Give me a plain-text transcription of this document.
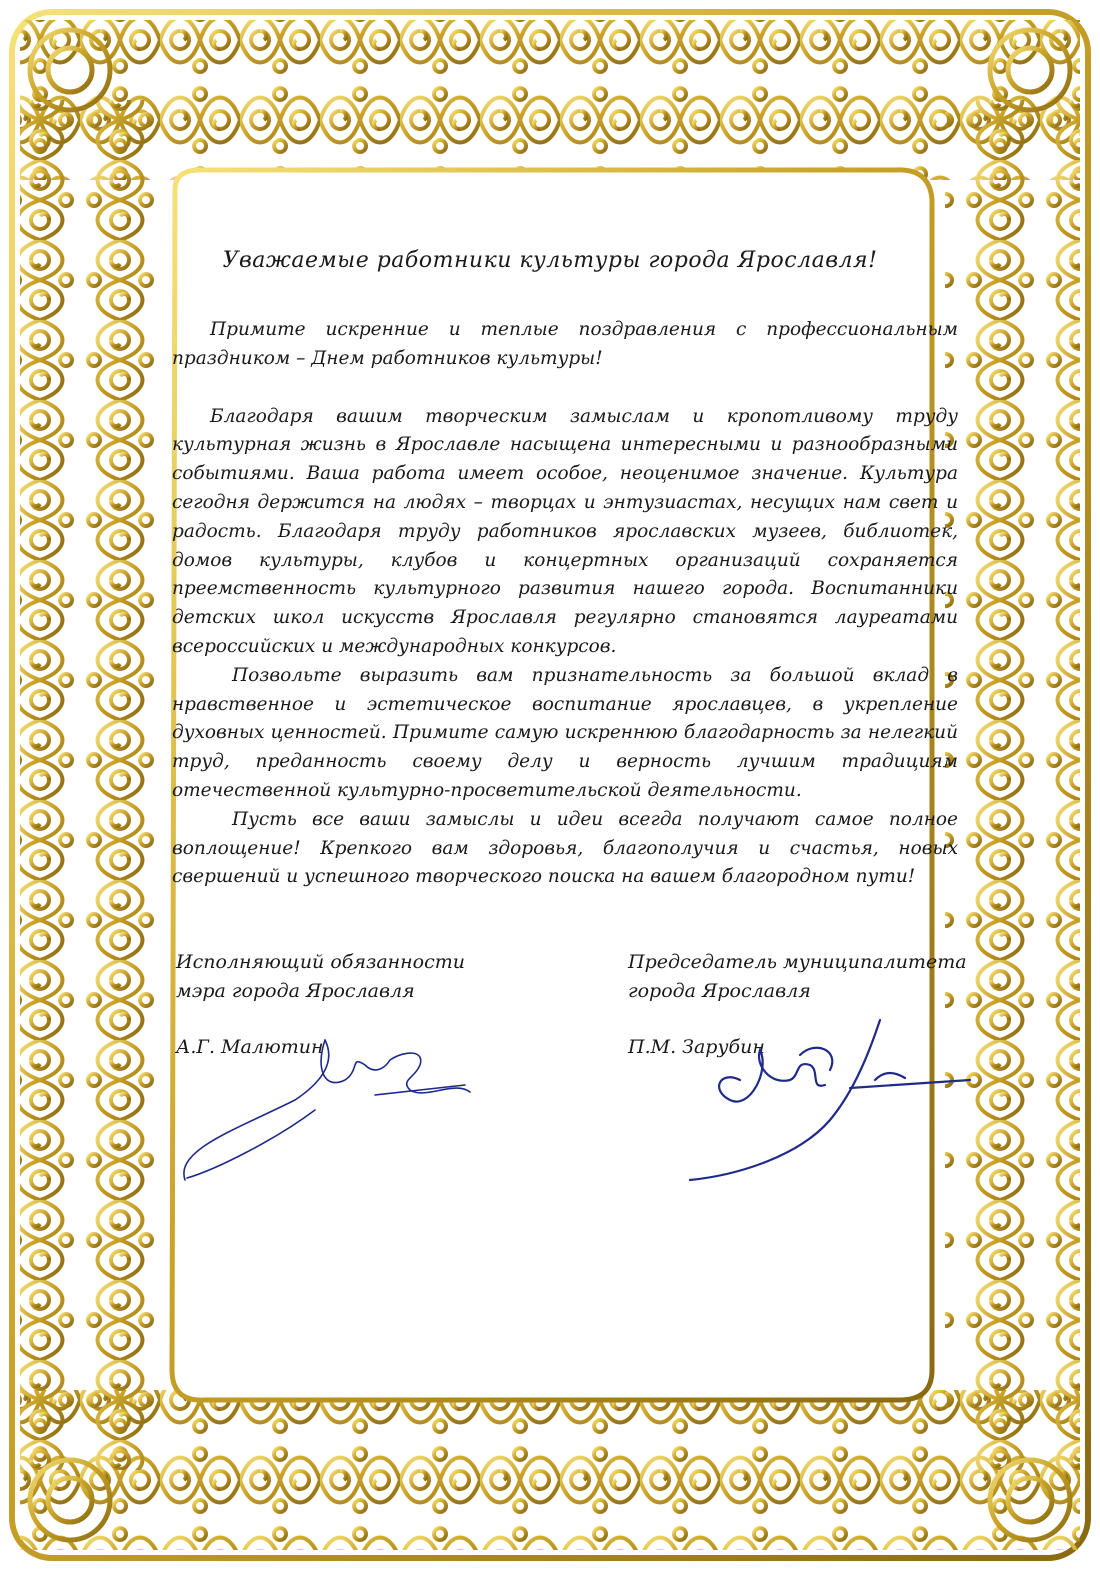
Уважаемые работники культуры города Ярославля!

Примите искренние и теплые поздравления с профессиональным праздником – Днем работников культуры!

Благодаря вашим творческим замыслам и кропотливому труду культурная жизнь в Ярославле насыщена интересными и разнообразными событиями. Ваша работа имеет особое, неоценимое значение. Культура сегодня держится на людях – творцах и энтузиастах, несущих нам свет и радость. Благодаря труду работников ярославских музеев, библиотек, домов культуры, клубов и концертных организаций сохраняется преемственность культурного развития нашего города. Воспитанники детских школ искусств Ярославля регулярно становятся лауреатами всероссийских и международных конкурсов.

Позвольте выразить вам признательность за большой вклад в нравственное и эстетическое воспитание ярославцев, в укрепление духовных ценностей. Примите самую искреннюю благодарность за нелегкий труд, преданность своему делу и верность лучшим традициям отечественной культурно-просветительской деятельности.

Пусть все ваши замыслы и идеи всегда получают самое полное воплощение! Крепкого вам здоровья, благополучия и счастья, новых свершений и успешного творческого поиска на вашем благородном пути!

Исполняющий обязанности
мэра города Ярославля
А.Г. Малютин
Председатель муниципалитета
города Ярославля
П.М. Зарубин
